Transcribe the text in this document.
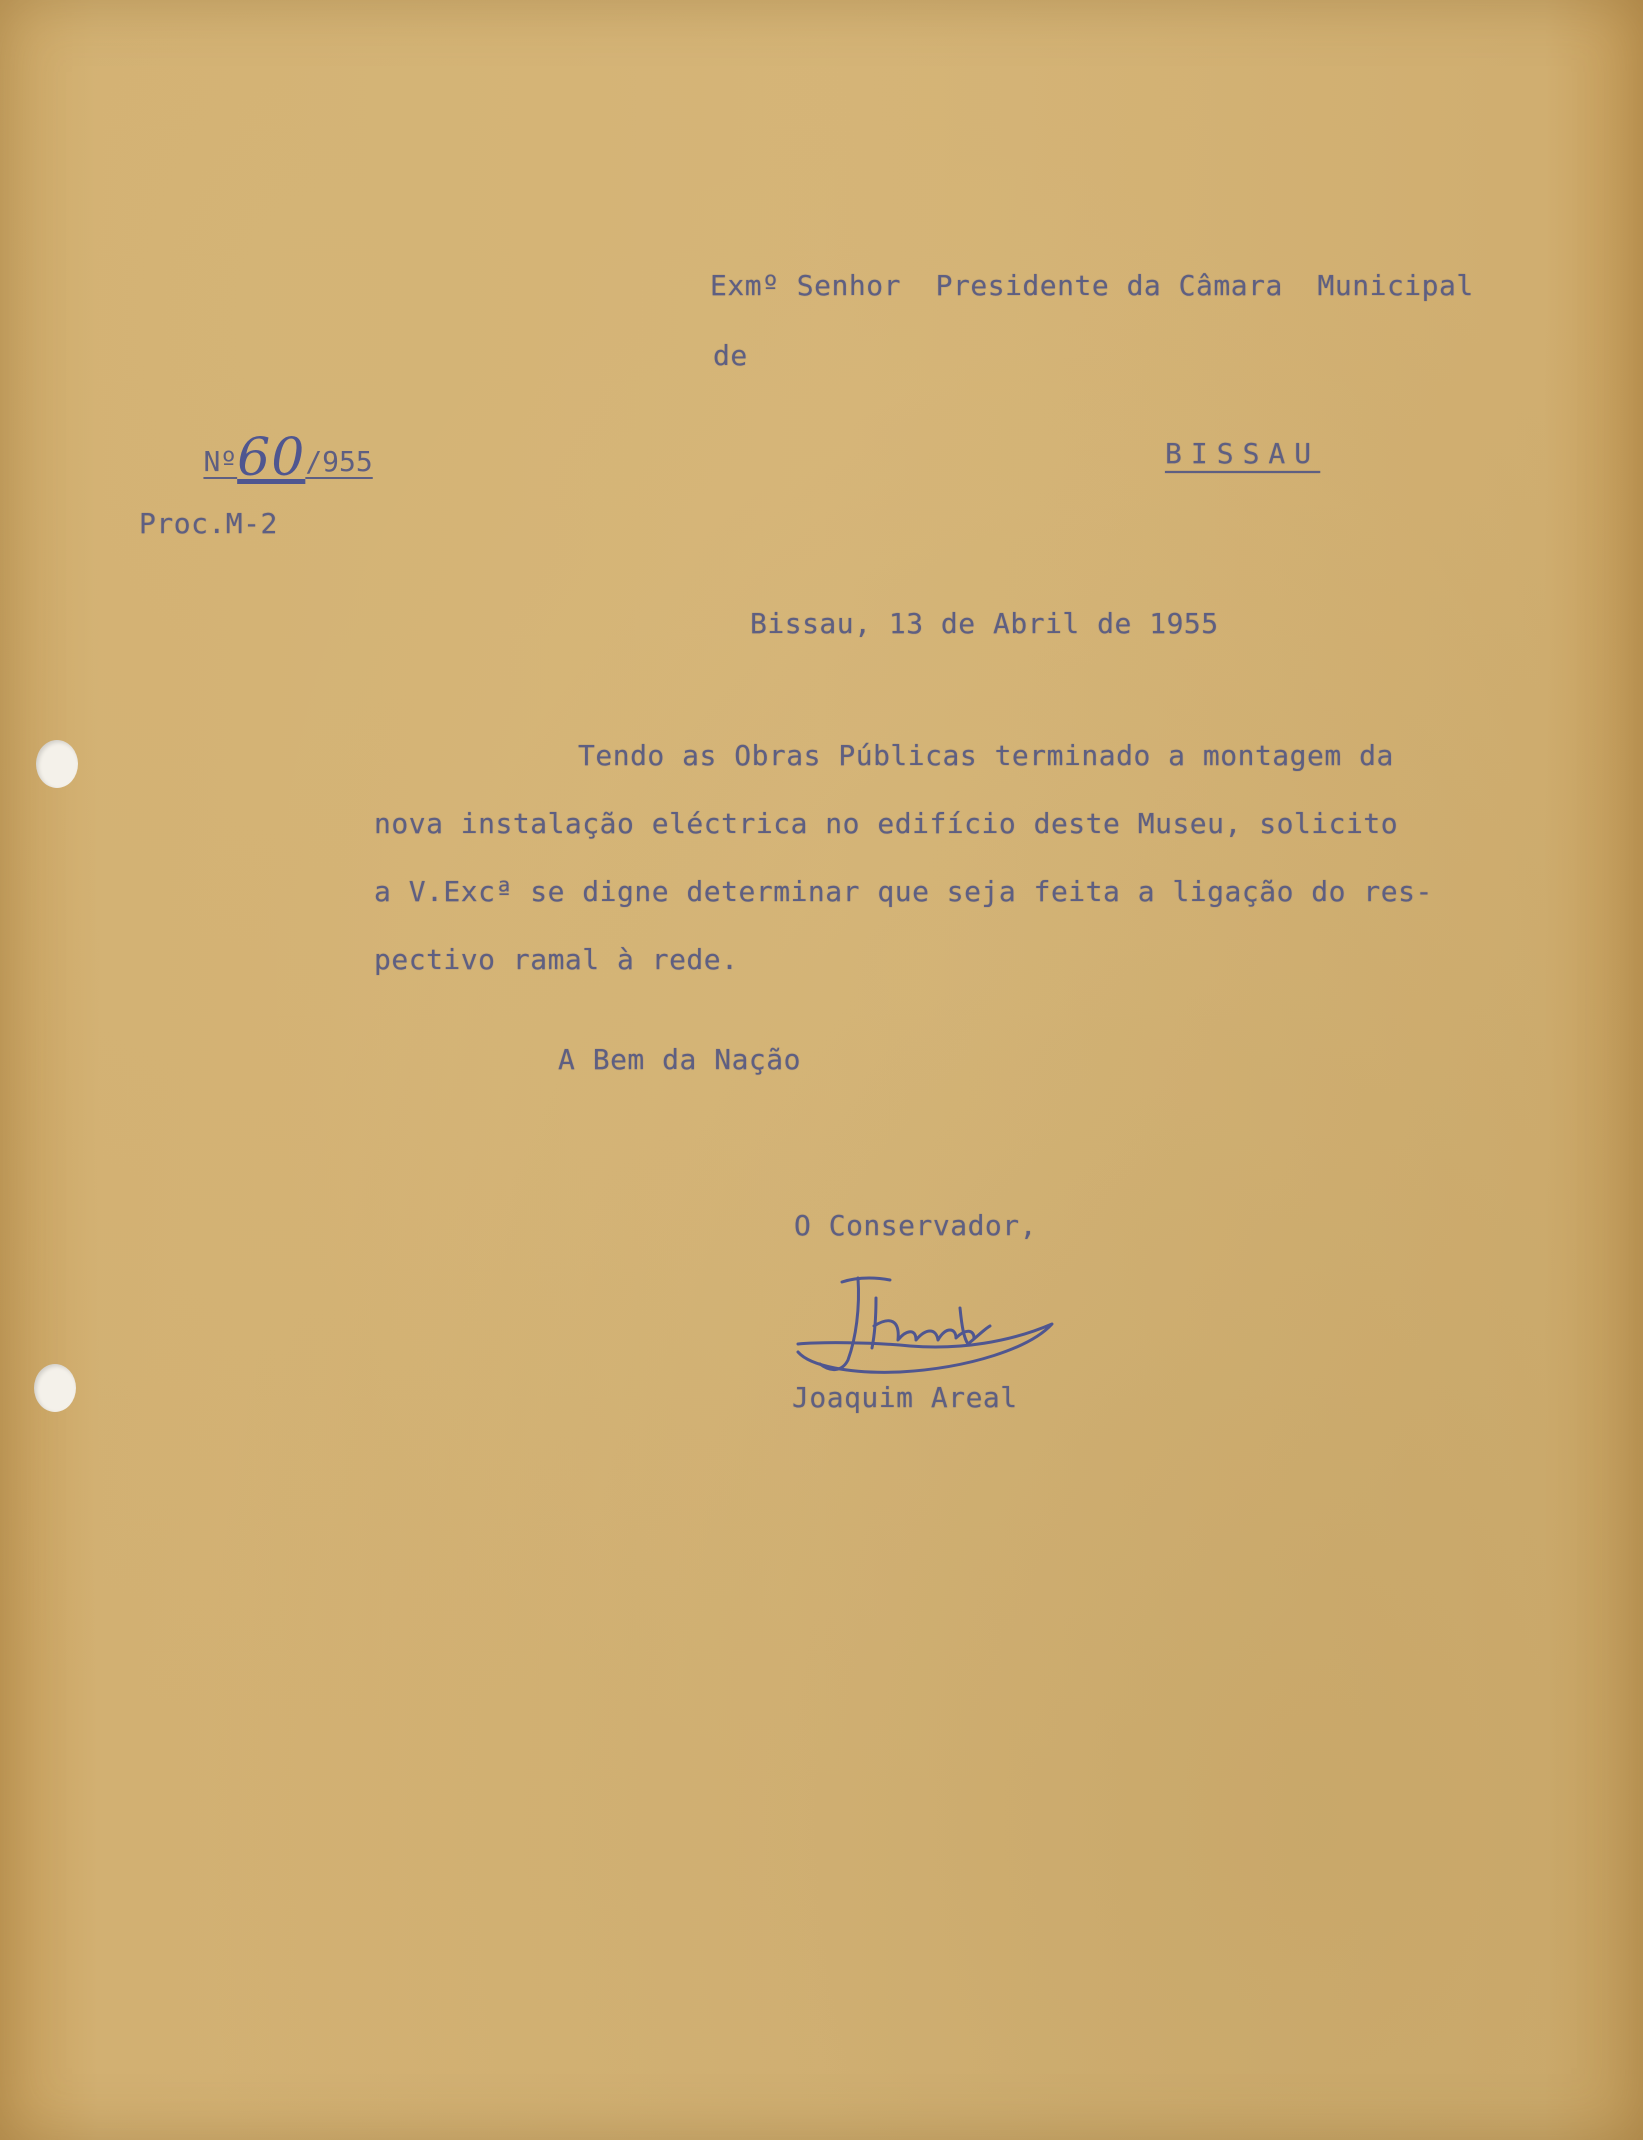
Exmº Senhor  Presidente da Câmara  Municipal
de

Nº60/955

Proc.M-2
BISSAU
Bissau, 13 de Abril de 1955
Tendo as Obras Públicas terminado a montagem da
nova instalação eléctrica no edifício deste Museu, solicito
a V.Excª se digne determinar que seja feita a ligação do res-
pectivo ramal à rede.
A Bem da Nação
O Conservador,
Joaquim Areal
